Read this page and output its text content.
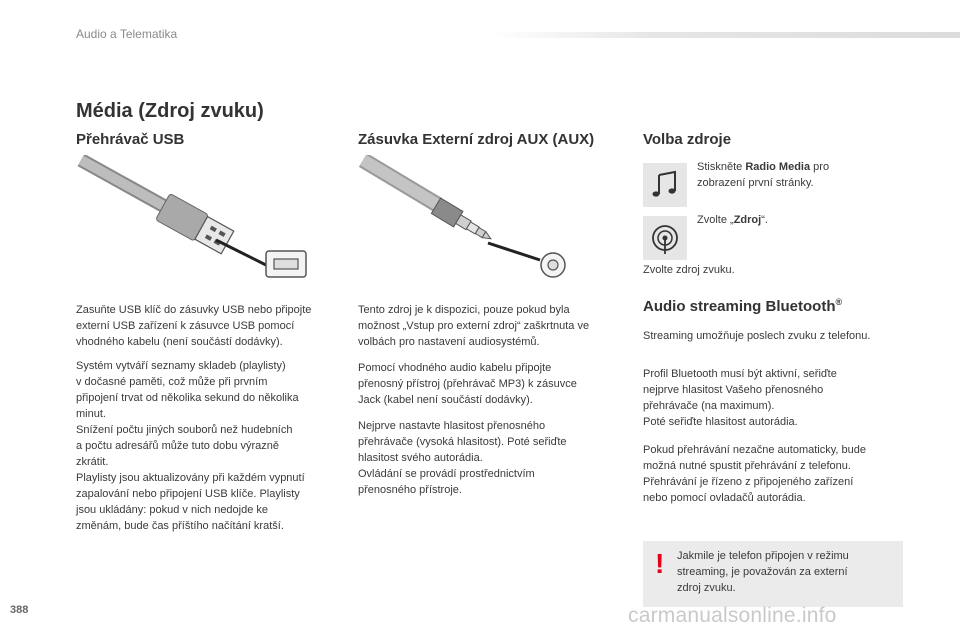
Audio a Telematika
Média (Zdroj zvuku)
Přehrávač USB
Zasuňte USB klíč do zásuvky USB nebo připojte
externí USB zařízení k zásuvce USB pomocí
vhodného kabelu (není součástí dodávky).
Systém vytváří seznamy skladeb (playlisty)
v dočasné paměti, což může při prvním
připojení trvat od několika sekund do několika
minut.
Snížení počtu jiných souborů než hudebních
a počtu adresářů může tuto dobu výrazně
zkrátit.
Playlisty jsou aktualizovány při každém vypnutí
zapalování nebo připojení USB klíče. Playlisty
jsou ukládány: pokud v nich nedojde ke
změnám, bude čas příštího načítání kratší.
Zásuvka Externí zdroj AUX (AUX)
Tento zdroj je k dispozici, pouze pokud byla
možnost „Vstup pro externí zdroj“ zaškrtnuta ve
volbách pro nastavení audiosystémů.
Pomocí vhodného audio kabelu připojte
přenosný přístroj (přehrávač MP3) k zásuvce
Jack (kabel není součástí dodávky).
Nejprve nastavte hlasitost přenosného
přehrávače (vysoká hlasitost). Poté seřiďte
hlasitost svého autorádia.
Ovládání se provádí prostřednictvím
přenosného přístroje.
Volba zdroje
Stiskněte Radio Media pro
zobrazení první stránky.
Zvolte „Zdroj“.
Zvolte zdroj zvuku.
Audio streaming Bluetooth®
Streaming umožňuje poslech zvuku z telefonu.
Profil Bluetooth musí být aktivní, seřiďte
nejprve hlasitost Vašeho přenosného
přehrávače (na maximum).
Poté seřiďte hlasitost autorádia.
Pokud přehrávání nezačne automaticky, bude
možná nutné spustit přehrávání z telefonu.
Přehrávání je řízeno z připojeného zařízení
nebo pomocí ovladačů autorádia.
! Jakmile je telefon připojen v režimu
streaming, je považován za externí
zdroj zvuku.
388	carmanualsonline.info
